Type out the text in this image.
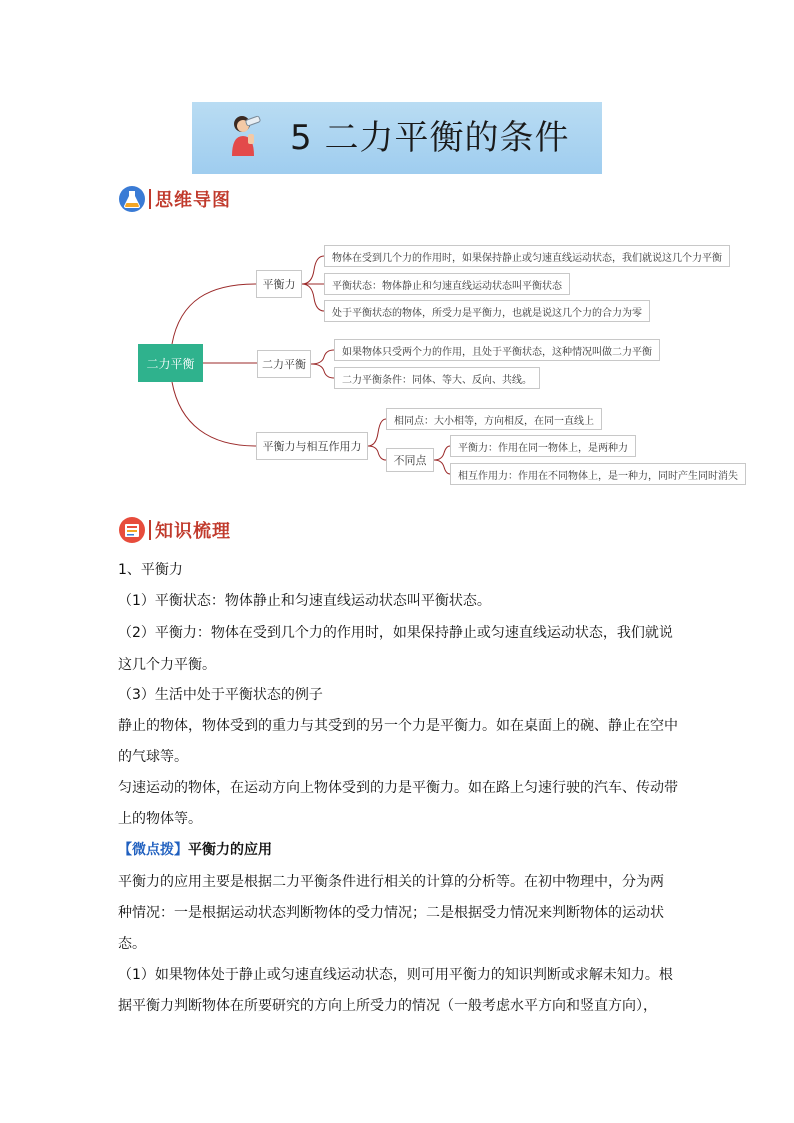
5 二力平衡的条件
思维导图
二力平衡
平衡力
物体在受到几个力的作用时，如果保持静止或匀速直线运动状态，我们就说这几个力平衡
平衡状态：物体静止和匀速直线运动状态叫平衡状态
处于平衡状态的物体，所受力是平衡力，也就是说这几个力的合力为零
二力平衡
如果物体只受两个力的作用，且处于平衡状态，这种情况叫做二力平衡
二力平衡条件：同体、等大、反向、共线。
平衡力与相互作用力
相同点：大小相等，方向相反，在同一直线上
不同点
平衡力：作用在同一物体上，是两种力
相互作用力：作用在不同物体上，是一种力，同时产生同时消失
知识梳理
1、平衡力
（1）平衡状态：物体静止和匀速直线运动状态叫平衡状态。
（2）平衡力：物体在受到几个力的作用时，如果保持静止或匀速直线运动状态，我们就说
这几个力平衡。
（3）生活中处于平衡状态的例子
静止的物体，物体受到的重力与其受到的另一个力是平衡力。如在桌面上的碗、静止在空中
的气球等。
匀速运动的物体，在运动方向上物体受到的力是平衡力。如在路上匀速行驶的汽车、传动带
上的物体等。
【微点拨】平衡力的应用
平衡力的应用主要是根据二力平衡条件进行相关的计算的分析等。在初中物理中，分为两
种情况：一是根据运动状态判断物体的受力情况；二是根据受力情况来判断物体的运动状
态。
（1）如果物体处于静止或匀速直线运动状态，则可用平衡力的知识判断或求解未知力。根
据平衡力判断物体在所要研究的方向上所受力的情况（一般考虑水平方向和竖直方向），
